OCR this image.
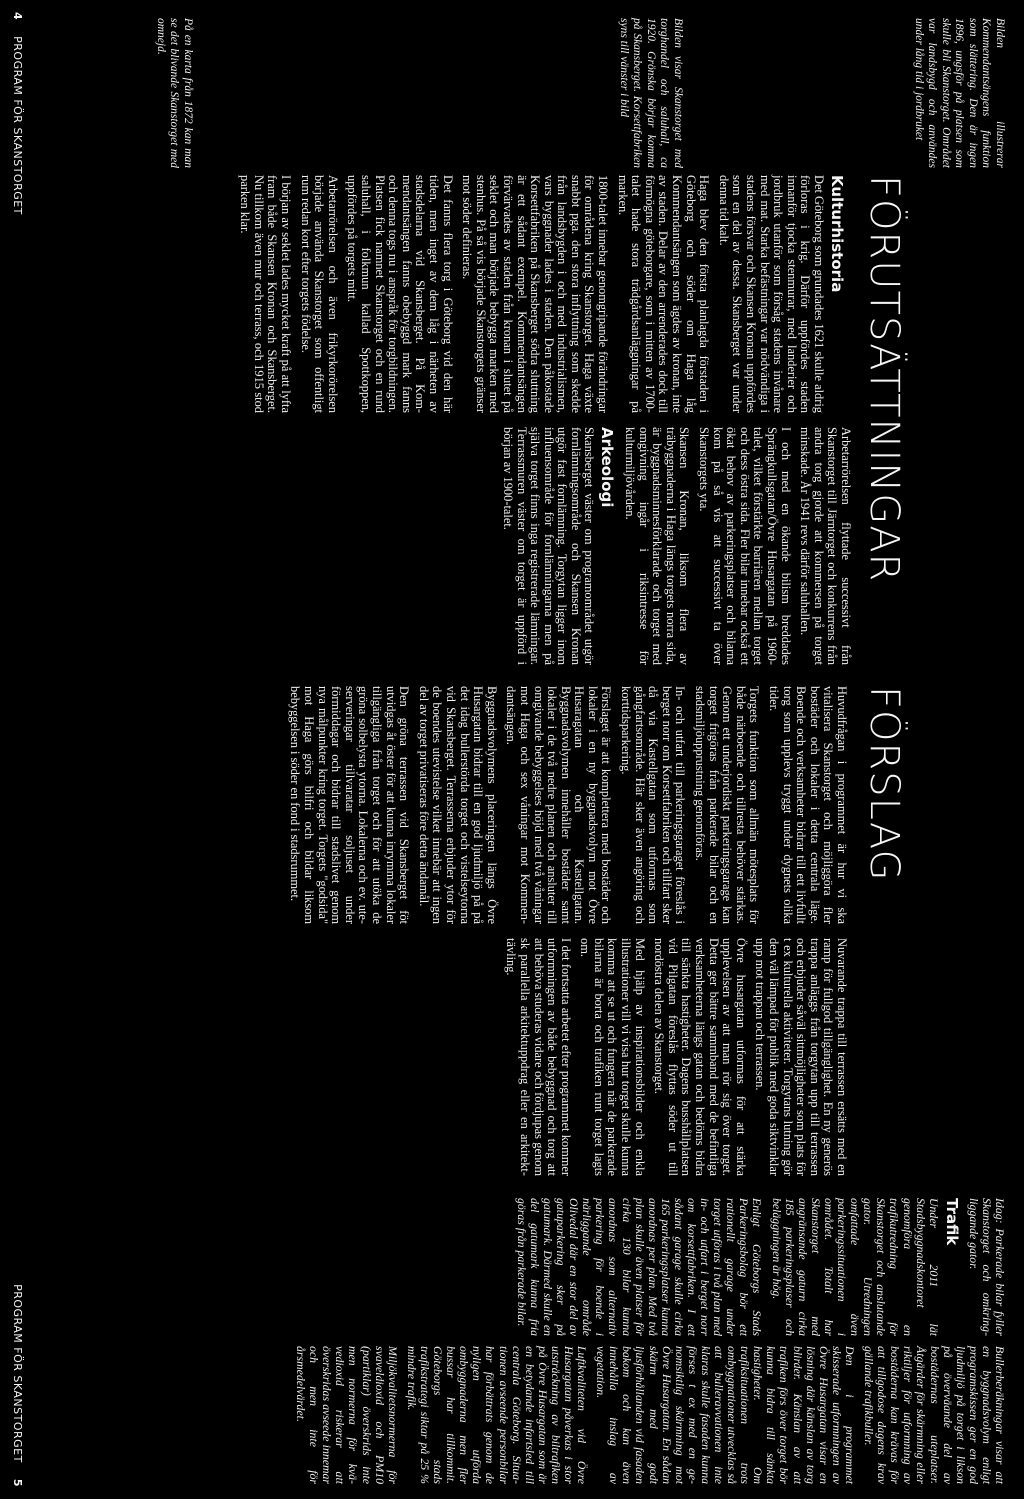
Bilden illustrerar Kommendantsängens funktion som slättering. Den är ingen 1896, ungsför på platsen som skulle bli Skanstorget. Området var landsbygd och användes under lång tid i jordbruket

Bilden visar Skanstorget med torghandel och saluhall, ca 1920. Grönska börjar komma på Skansberget. Korsettfabriken syns till vänster i bild

På en karta från 1872 kan man se det blivande Skanstorget med omnejd.

FÖRUTSÄTTNINGAR
Kulturhistoria

Det Göteborg som grundades 1621 skulle aldrig förloras i krig. Därför uppfördes staden innanför tjocka stenmurar, med landerier och jordbruk utanför som försåg stadens invånare med mat. Starka befästningar var nödvändiga i stadens försvar och Skansen Kronan uppfördes som en del av dessa. Skansberget var under denna tid kalt.

Haga blev den första planlagda förstaden i Göteborg och söder om Haga låg Kommendantsängen som ägdes av kronan, inte av staden. Delar av den arrenderades dock till förmögna göteborgare, som i mitten av 1700-talet hade stora trädgårdsanläggningar på marken.

1800-talet innebar genomgripande förändringar för områdena kring Skanstorget. Haga växte snabbt pga. den stora inflyttning som skedde från landsbygden i och med industrialismen, vars byggnader lades i staden. Den påkostade Korsettfabriken på Skansberget södra sluttning är ett sådant exempel. Kommendantsängen förvärvades av staden från kronan i slutet på seklet och man började bebygga marken med stenhus. På så vis började Skanstorgets gränser mot söder definieras.

Det fanns flera torg i Göteborg vid den här tiden, men inget av dem låg i närheten av stadsdelarna vid Skansberget. På Kommendantsängen fanns obebyggd mark fanns och denna togs nu i anspråk för torgbildningen. Platsen fick namnet Skanstorget och en rund saluhall, i folkmun kallad Spottkoppen, uppfördes på torgets mitt.

Arbetarrörelsen och även frikyrkorörelsen började använda Skanstorget som offentligt rum redan kort efter torgets födelse.

I början av seklet lades mycket kraft på att lyfta fram både Skansen Kronan och Skansberget. Nu tillkom även mur och terrass, och 1915 stod parken klar.

Arbetarrörelsen flyttade successivt från Skanstorget till Järntorget och konkurrens från andra torg gjorde att kommersen på torget minskade. År 1941 revs därför saluhallen.

I och med en ökande bilism breddades Sprängkullsgatan/Övre Husargatan på 1960-talet, vilket förstärkte barriären mellan torget och dess östra sida. Fler bilar innebar också ett ökat behov av parkeringsplatser och bilarna kom på så vis att successivt ta över Skanstorgets yta.

Skansen Kronan, liksom flera av träbyggnaderna i Haga längs torgets norra sida, är byggnadsminnesförklarade och torget med omgivning ingår i riksintresse för kulturmiljövården.

Arkeologi

Skansberget väster om programområdet utgör fornlämningsområde och Skansen Kronan utgör fast fornlämning. Torgytan ligger inom influensområde för fornlämningarna men på själva torget finns inga registrerade lämningar. Terrassmuren väster om torget är uppförd i början av 1900-talet.

FÖRSLAG

Huvudfrågan i programmet är hur vi ska vitalisera Skanstorget och möjliggöra fler bostäder och lokaler i detta centrala läge. Boende och verksamheter bidrar till ett livfullt torg som upplevs tryggt under dygnets olika tider.

Torgets funktion som allmän mötesplats för både närboende och tillresta behöver stärkas. Genom ett underjordiskt parkeringsgarage kan torget frigöras från parkerade bilar och en stadsmiljöupprustning genomföras.

In- och utfart till parkeringsgaraget föreslås i berget norr om Korsettfabriken och tillfart sker då via Kastellgatan som utformas som gångfartsområde. Här sker även angöring och korttidsparkering.

Förslaget är att komplettera med bostäder och lokaler i en ny byggnadsvolym mot Övre Husaragatan och Kastellgatan. Byggnadsvolymen innehåller bostäder samt lokaler i de två nedre planen och ansluter till omgivande bebyggelses höjd med två våningar mot Haga och sex våningar mot Kommendantsängen.

Byggnadsvolymens placeringen längs Övre Husargatan bidrar till en god ljudmiljö på på det idag bullerstörda torget och vistelseytorna vid Skansberget. Terrasserna erbjuder ytor för de boendes utevistelse vilket innebär att ingen del av torget privatiseras före detta ändamål.

Den gröna terrassen vid Skansberget föt utvidgas åt öster för att kunna inrymma lokaler tillgängliga från torget och för att utöka de gröna solbelysta ytorna. Lokalerna och ev. uteserveringar tillvaratar soljuset under förmiddagar och bidrar till stadslivet genom nya målpunkter kring torget. Torgets "godsida" mot Haga görs bilfri och bildar liksom bebyggelsen i söder en fond i stadsrummet.

Nuvarande trappa till terrassen ersätts med en ramp för fullgod tillgänglighet. En ny generös trappa anläggs från torgytan upp till terrassen och erbjuder såväl sittmöjligheter som plats för t ex kulturella aktiviteter. Torgytans lutning gör den väl lämpad för publik med goda siktvinklar upp mot trappan och terrassen.

Övre husargatan utformas för att stärka upplevelsen av att man rör sig över torget. Detta ger bättre sammband med de befintliga verksamheterna längs gatan och bedöms bidra till sänkta hastigheter. Dagens busshållplatsen vid Pilgatan föreslås flyttas söder ut till nordöstra delen av Skanstorget.

Med hjälp av inspirationsbilder och enkla illustrationer vill vi visa hur torget skulle kunna komma att se ut och fungera när de parkerade bilarna är borta och trafiken runt torget lagts om.

I det fortsatta arbetet efter programmet kommer utformningen av både bebyggnad och torg att att behöva studeras vidare och fördjupas genom sk parallella arkitektuppdrag eller en arkitekttävling.

Idag: Parkerade bilar fyller Skanstorget och omkringliggande gator.

Trafik

Under 2011 lät Stadsbyggnadskontoret genomföra en trafikutredning för Skanstorget och anslutande gator. Utredningen omfattade även parkeringssituationen i området. Totalt har Skanstorget med angränsande gaturn cirka 185 parkeringsplaser och beläggningen är hög.

Enligt Göteborgs Stads Parkeringsbolag bör ett rationellt garage under torget utföras i två plan med in- och utfart i berget norr om korsettfabriken. I ett sådant garage skulle cirka 165 parkeringsplatser kunna anordnas per plan. Med två plan skulle även platser för cirka 130 bilar kunna anordnas som alternativ parkering för boende i närliggande område Olivedal där en stor del av gatuparkering sker på gatumark. Därmed skulle en del gatumark kunna fria göras från parkerade bilar.

Bullerberäkningar visar att en byggnadsvolym enligt programskissen ger en god ljudmiljö på torget i likson på överväande del av bostädernas uteplatser. Åtgärder för skärmning eller riktiljer för utformning av bostäderna kan krävas för att tillgodose dagens krav gällande trafikbuller.

Den i programmet skisserade utformningen av Övre Husargatan visar en lösning där känslan av torg blirder. Känslan av att trafiken förs över torget bör kunna bidra till sänkta hastigheter. Om trafiksituationen trots ombyggnationer utvecklas så att bulleravvationen inte klaras skulle fasaden kunna förses t ex med en genomsiktlig skärmning mot Övre Husargatan. En sådan skärm med godt ljusförhållanden vid fasaden bakom och kan även innehålla inslag av vegetation.

Luftkvaliteten vid Övre Husargatan påverkas i stor utsträckning av biltrafiken på Övre Husargatan som är en betydande infartsled till centrala Göteborg. Situationen avseende personbilar har förbättrats genom de nyligen utförda ombyggnaderna men fler bussar har tillkommit. Göteborgs stads trafikstrategi siktar på 25 % mindre trafik.

Miljökvalitetsnormerna för svaveldioxid och PM10 (partiklar) överskrids inte men normerna för kvävedioxid riskerar att överskridas avseede innemar och men inte för årsmedelvärdet.

4 PROGRAM FÖR SKANSTORGET
PROGRAM FÖR SKANSTORGET 5
